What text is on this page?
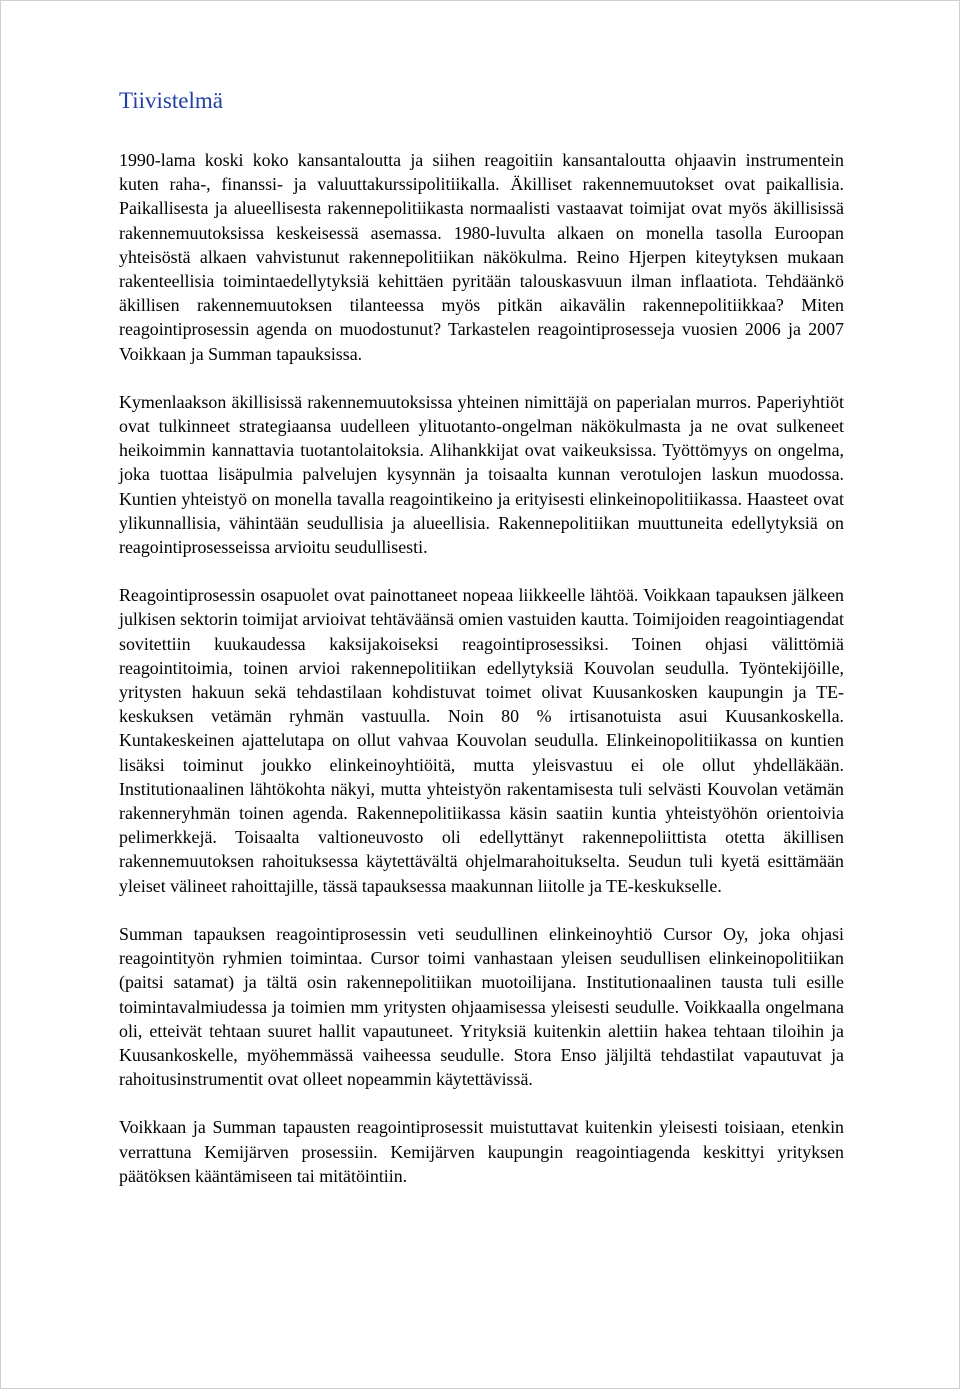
Tiivistelmä

1990-lama koski koko kansantaloutta ja siihen reagoitiin kansantaloutta ohjaavin instrumentein kuten raha-, finanssi- ja valuuttakurssipolitiikalla. Äkilliset rakennemuutokset ovat paikallisia. Paikallisesta ja alueellisesta rakennepolitiikasta normaalisti vastaavat toimijat ovat myös äkillisissä rakennemuutoksissa keskeisessä asemassa. 1980-luvulta alkaen on monella tasolla Euroopan yhteisöstä alkaen vahvistunut rakennepolitiikan näkökulma. Reino Hjerpen kiteytyksen mukaan rakenteellisia toimintaedellytyksiä kehittäen pyritään talouskasvuun ilman inflaatiota. Tehdäänkö äkillisen rakennemuutoksen tilanteessa myös pitkän aikavälin rakennepolitiikkaa? Miten reagointiprosessin agenda on muodostunut? Tarkastelen reagointiprosesseja vuosien 2006 ja 2007 Voikkaan ja Summan tapauksissa.

Kymenlaakson äkillisissä rakennemuutoksissa yhteinen nimittäjä on paperialan murros. Paperiyhtiöt ovat tulkinneet strategiaansa uudelleen ylituotanto-ongelman näkökulmasta ja ne ovat sulkeneet heikoimmin kannattavia tuotantolaitoksia. Alihankkijat ovat vaikeuksissa. Työttömyys on ongelma, joka tuottaa lisäpulmia palvelujen kysynnän ja toisaalta kunnan verotulojen laskun muodossa. Kuntien yhteistyö on monella tavalla reagointikeino ja erityisesti elinkeinopolitiikassa. Haasteet ovat ylikunnallisia, vähintään seudullisia ja alueellisia. Rakennepolitiikan muuttuneita edellytyksiä on reagointiprosesseissa arvioitu seudullisesti.

Reagointiprosessin osapuolet ovat painottaneet nopeaa liikkeelle lähtöä. Voikkaan tapauksen jälkeen julkisen sektorin toimijat arvioivat tehtäväänsä omien vastuiden kautta. Toimijoiden reagointiagendat sovitettiin kuukaudessa kaksijakoiseksi reagointiprosessiksi. Toinen ohjasi välittömiä reagointitoimia, toinen arvioi rakennepolitiikan edellytyksiä Kouvolan seudulla. Työntekijöille, yritysten hakuun sekä tehdastilaan kohdistuvat toimet olivat Kuusankosken kaupungin ja TE-keskuksen vetämän ryhmän vastuulla. Noin 80 % irtisanotuista asui Kuusankoskella. Kuntakeskeinen ajattelutapa on ollut vahvaa Kouvolan seudulla. Elinkeinopolitiikassa on kuntien lisäksi toiminut joukko elinkeinoyhtiöitä, mutta yleisvastuu ei ole ollut yhdelläkään. Institutionaalinen lähtökohta näkyi, mutta yhteistyön rakentamisesta tuli selvästi Kouvolan vetämän rakenneryhmän toinen agenda. Rakennepolitiikassa käsin saatiin kuntia yhteistyöhön orientoivia pelimerkkejä. Toisaalta valtioneuvosto oli edellyttänyt rakennepoliittista otetta äkillisen rakennemuutoksen rahoituksessa käytettävältä ohjelmarahoitukselta. Seudun tuli kyetä esittämään yleiset välineet rahoittajille, tässä tapauksessa maakunnan liitolle ja TE-keskukselle.

Summan tapauksen reagointiprosessin veti seudullinen elinkeinoyhtiö Cursor Oy, joka ohjasi reagointityön ryhmien toimintaa. Cursor toimi vanhastaan yleisen seudullisen elinkeinopolitiikan (paitsi satamat) ja tältä osin rakennepolitiikan muotoilijana. Institutionaalinen tausta tuli esille toimintavalmiudessa ja toimien mm yritysten ohjaamisessa yleisesti seudulle. Voikkaalla ongelmana oli, etteivät tehtaan suuret hallit vapautuneet. Yrityksiä kuitenkin alettiin hakea tehtaan tiloihin ja Kuusankoskelle, myöhemmässä vaiheessa seudulle. Stora Enso jäljiltä tehdastilat vapautuvat ja rahoitusinstrumentit ovat olleet nopeammin käytettävissä.

Voikkaan ja Summan tapausten reagointiprosessit muistuttavat kuitenkin yleisesti toisiaan, etenkin verrattuna Kemijärven prosessiin. Kemijärven kaupungin reagointiagenda keskittyi yrityksen päätöksen kääntämiseen tai mitätöintiin.
